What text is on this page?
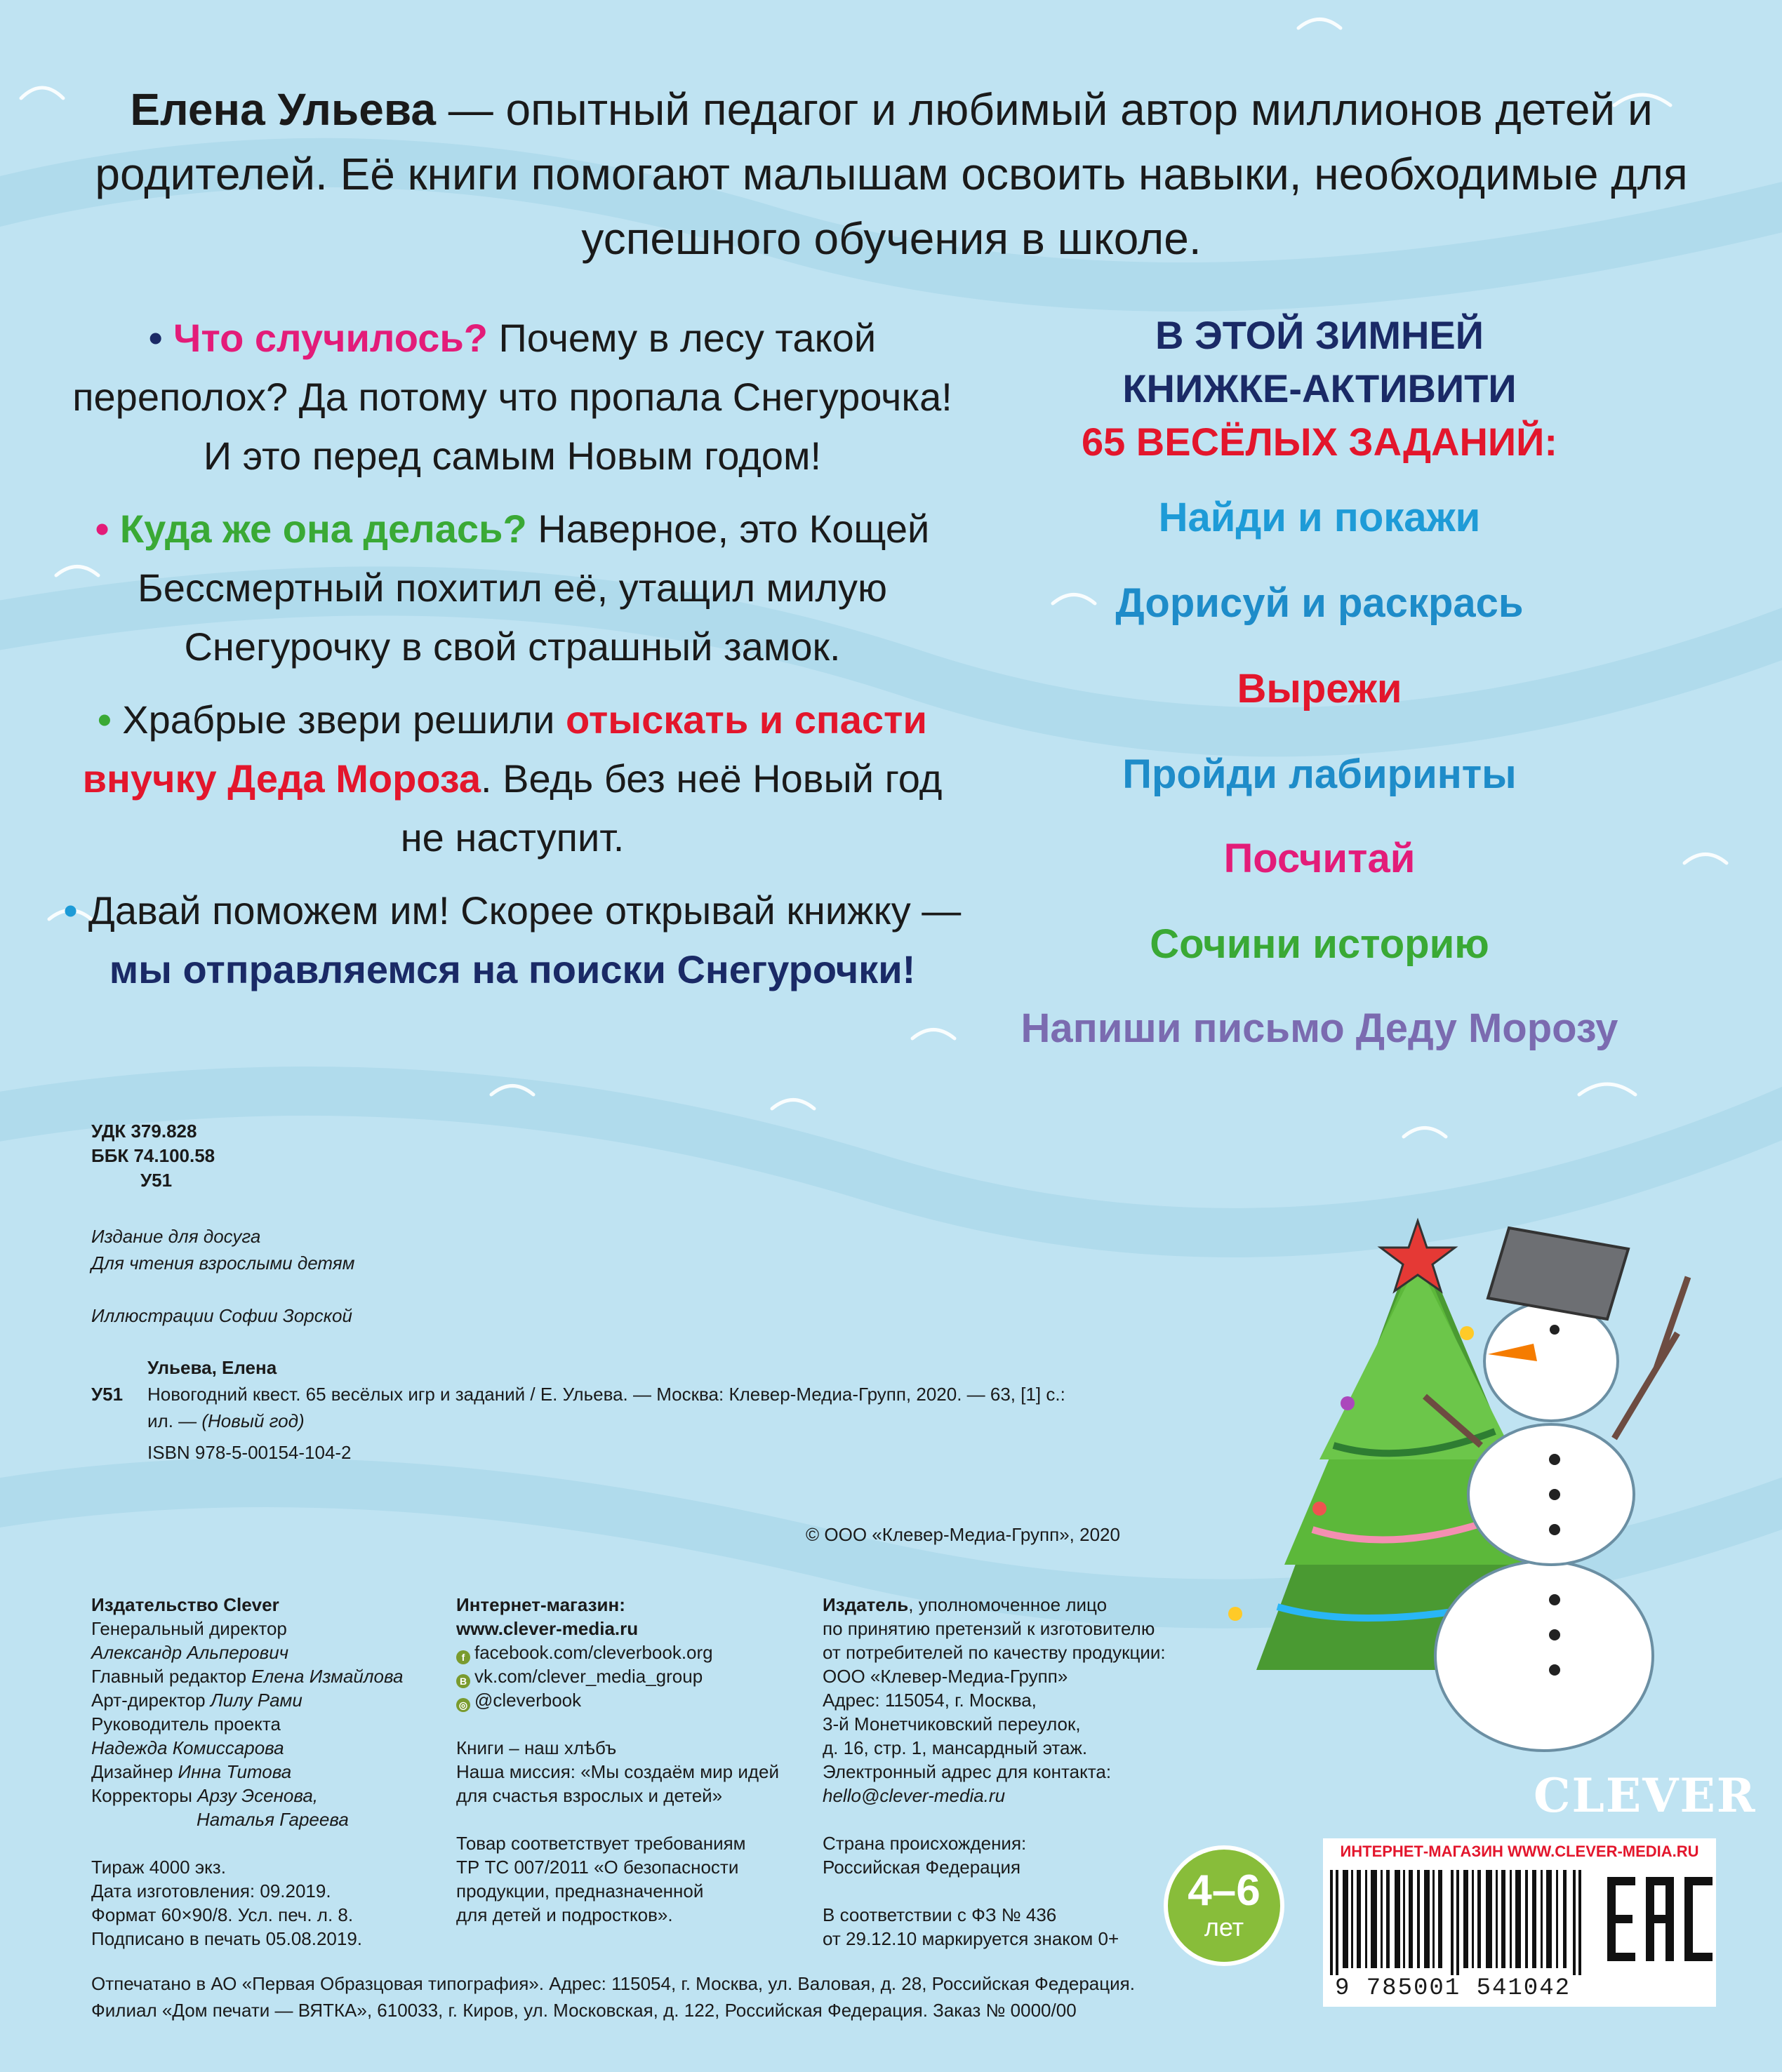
Елена Ульева — опытный педагог и любимый автор миллионов детей и родителей. Её книги помогают малышам освоить навыки, необходимые для успешного обучения в школе.
• Что случилось? Почему в лесу такой переполох? Да потому что пропала Снегурочка! И это перед самым Новым годом!
• Куда же она делась? Наверное, это Кощей Бессмертный похитил её, утащил милую Снегурочку в свой страшный замок.
• Храбрые звери решили отыскать и спасти внучку Деда Мороза. Ведь без неё Новый год не наступит.
• Давай поможем им! Скорее открывай книжку — мы отправляемся на поиски Снегурочки!
В ЭТОЙ ЗИМНЕЙ
КНИЖКЕ-АКТИВИТИ
65 ВЕСЁЛЫХ ЗАДАНИЙ:
Найди и покажи
Дорисуй и раскрась
Вырежи
Пройди лабиринты
Посчитай
Сочини историю
Напиши письмо Деду Морозу
УДК 379.828
ББК 74.100.58
У51
Издание для досуга
Для чтения взрослыми детям
Иллюстрации Софии Зорской
У51
Ульева, Елена
Новогодний квест. 65 весёлых игр и заданий / Е. Ульева. — Москва: Клевер-Медиа-Групп, 2020. — 63, [1] с.:
ил. — (Новый год)
ISBN 978-5-00154-104-2
© ООО «Клевер-Медиа-Групп», 2020
Издательство Clever
Генеральный директор
Александр Альперович
Главный редактор Елена Измайлова
Арт-директор Лилу Рами
Руководитель проекта
Надежда Комиссарова
Дизайнер Инна Титова
Корректоры Арзу Эсенова,
Наталья Гареева
Тираж 4000 экз.
Дата изготовления: 09.2019.
Формат 60×90/8. Усл. печ. л. 8.
Подписано в печать 05.08.2019.
Интернет-магазин:
www.clever-media.ru
f facebook.com/cleverbook.org
B vk.com/clever_media_group
◎ @cleverbook
Книги – наш хлѣбъ
Наша миссия: «Мы создаём мир идей
для счастья взрослых и детей»
Товар соответствует требованиям
ТР ТС 007/2011 «О безопасности
продукции, предназначенной
для детей и подростков».
Издатель, уполномоченное лицо
по принятию претензий к изготовителю
от потребителей по качеству продукции:
ООО «Клевер-Медиа-Групп»
Адрес: 115054, г. Москва,
3-й Монетчиковский переулок,
д. 16, стр. 1, мансардный этаж.
Электронный адрес для контакта:
hello@clever-media.ru
Страна происхождения:
Российская Федерация
В соответствии с ФЗ № 436
от 29.12.10 маркируется знаком 0+
Отпечатано в АО «Первая Образцовая типография». Адрес: 115054, г. Москва, ул. Валовая, д. 28, Российская Федерация.
Филиал «Дом печати — ВЯТКА», 610033, г. Киров, ул. Московская, д. 122, Российская Федерация. Заказ № 0000/00
4–6
лет
CLEVER
ИНТЕРНЕТ-МАГАЗИН WWW.CLEVER-MEDIA.RU
9 785001 541042
